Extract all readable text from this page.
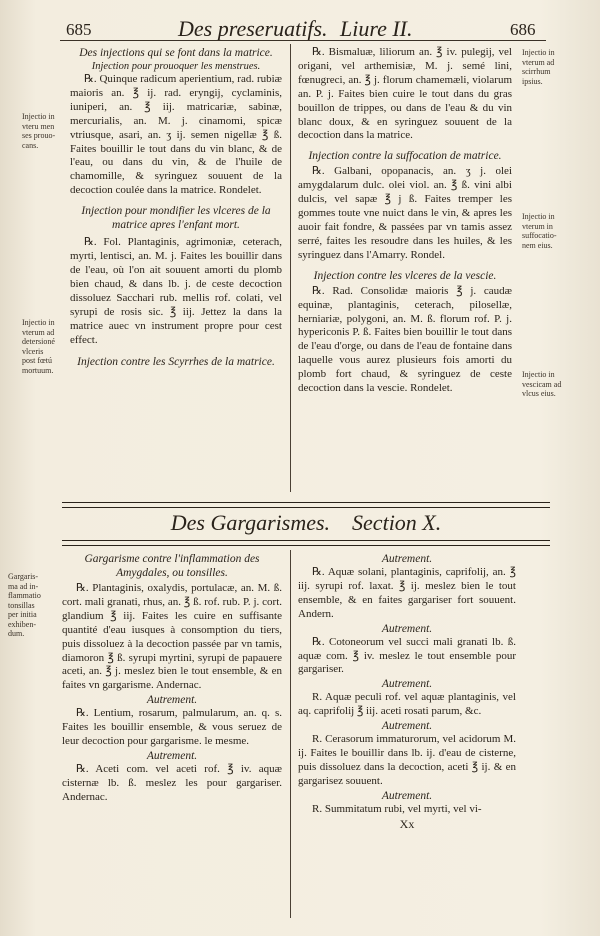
685	Des preseruatifs. Liure II.	686

Des injections qui se font dans la matrice.

Injection pour prouoquer les menstrues.

℞. Quinque radicum aperientium, rad. rubiæ maioris an. ℥ ij. rad. eryngij, cyclaminis, iuniperi, an. ℥ iij. matricariæ, sabinæ, mercurialis, an. M. j. cinamomi, spicæ vtriusque, asari, an. ʒ ij. semen nigellæ ℥ ß. Faites bouillir le tout dans du vin blanc, & de l'eau, ou dans du vin, & de l'huile de chamomille, & syringuez souuent de la decoction coulée dans la matrice. Rondelet.

Injection pour mondifier les vlceres de la matrice apres l'enfant mort.

℞. Fol. Plantaginis, agrimoniæ, ceterach, myrti, lentisci, an. M. j. Faites les bouillir dans de l'eau, où l'on ait souuent amorti du plomb bien chaud, & dans lb. j. de ceste decoction dissoluez Sacchari rub. mellis rof. colati, vel syrupi de rosis sic. ℥ iij. Jettez la dans la matrice auec vn instrument propre pour cest effect.

Injection contre les Scyrrhes de la matrice.

℞. Bismaluæ, liliorum an. ℥ iv. pulegij, vel origani, vel arthemisiæ, M. j. semé lini, fœnugreci, an. ℥ j. florum chamemæli, violarum an. P. j. Faites bien cuire le tout dans du gras bouillon de trippes, ou dans de l'eau & du vin blanc doux, & en syringuez souuent de la decoction dans la matrice.

Injection contre la suffocation de matrice.

℞. Galbani, opopanacis, an. ʒ j. olei amygdalarum dulc. olei viol. an. ℥ ß. vini albi dulcis, vel sapæ ℥ j ß. Faites tremper les gommes toute vne nuict dans le vin, & apres les auoir fait fondre, & passées par vn tamis assez serré, faites les resoudre dans les huiles, & les syringuez dans l'Amarry. Rondel.

Injection contre les vlceres de la vescie.

℞. Rad. Consolidæ maioris ℥ j. caudæ equinæ, plantaginis, ceterach, pilosellæ, herniariæ, polygoni, an. M. ß. florum rof. P. j. hypericonis P. ß. Faites bien bouillir le tout dans de l'eau d'orge, ou dans de l'eau de fontaine dans laquelle vous aurez plusieurs fois amorti du plomb fort chaud, & syringuez de ceste decoction dans la vescie. Rondelet.

Injectio in
vteru men
ses prouo-
cans.
Injectio in
vterum ad
detersioné
vlceris
post fœtú
mortuum.
Injectio in
vterum ad
scirrhum
ipsius.
Injectio in
vterum in
suffocatio-
nem eius.
Injectio in
vescicam ad
vlcus eius.
Des Gargarismes. Section X.

Gargarisme contre l'inflammation des Amygdales, ou tonsilles.

℞. Plantaginis, oxalydis, portulacæ, an. M. ß. cort. mali granati, rhus, an. ℥ ß. rof. rub. P. j. cort. glandium ℥ iij. Faites les cuire en suffisante quantité d'eau iusques à consomption du tiers, puis dissoluez à la decoction passée par vn tamis, diamoron ℥ ß. syrupi myrtini, syrupi de papauere aceti, an. ℥ j. meslez bien le tout ensemble, & en faites vn gargarisme. Andernac.

Autrement.

℞. Lentium, rosarum, palmularum, an. q. s. Faites les bouillir ensemble, & vous seruez de leur decoction pour gargarisme. le mesme.

Autrement.

℞. Aceti com. vel aceti rof. ℥ iv. aquæ cisternæ lb. ß. meslez les pour gargariser. Andernac.

Autrement.

℞. Aquæ solani, plantaginis, caprifolij, an. ℥ iij. syrupi rof. laxat. ℥ ij. meslez bien le tout ensemble, & en faites gargariser fort souuent. Andern.

Autrement.

℞. Cotoneorum vel succi mali granati lb. ß. aquæ com. ℥ iv. meslez le tout ensemble pour gargariser.

Autrement.

R. Aquæ peculi rof. vel aquæ plantaginis, vel aq. caprifolij ℥ iij. aceti rosati parum, &c.

Autrement.

R. Cerasorum immaturorum, vel acidorum M. ij. Faites le bouillir dans lb. ij. d'eau de cisterne, puis dissoluez dans la decoction, aceti ℥ ij. & en gargarisez souuent.

Autrement.

R. Summitatum rubi, vel myrti, vel vi-

Xx

Gargaris-
ma ad in-
flammatio
tonsillas
per initia
exhiben-
dum.
